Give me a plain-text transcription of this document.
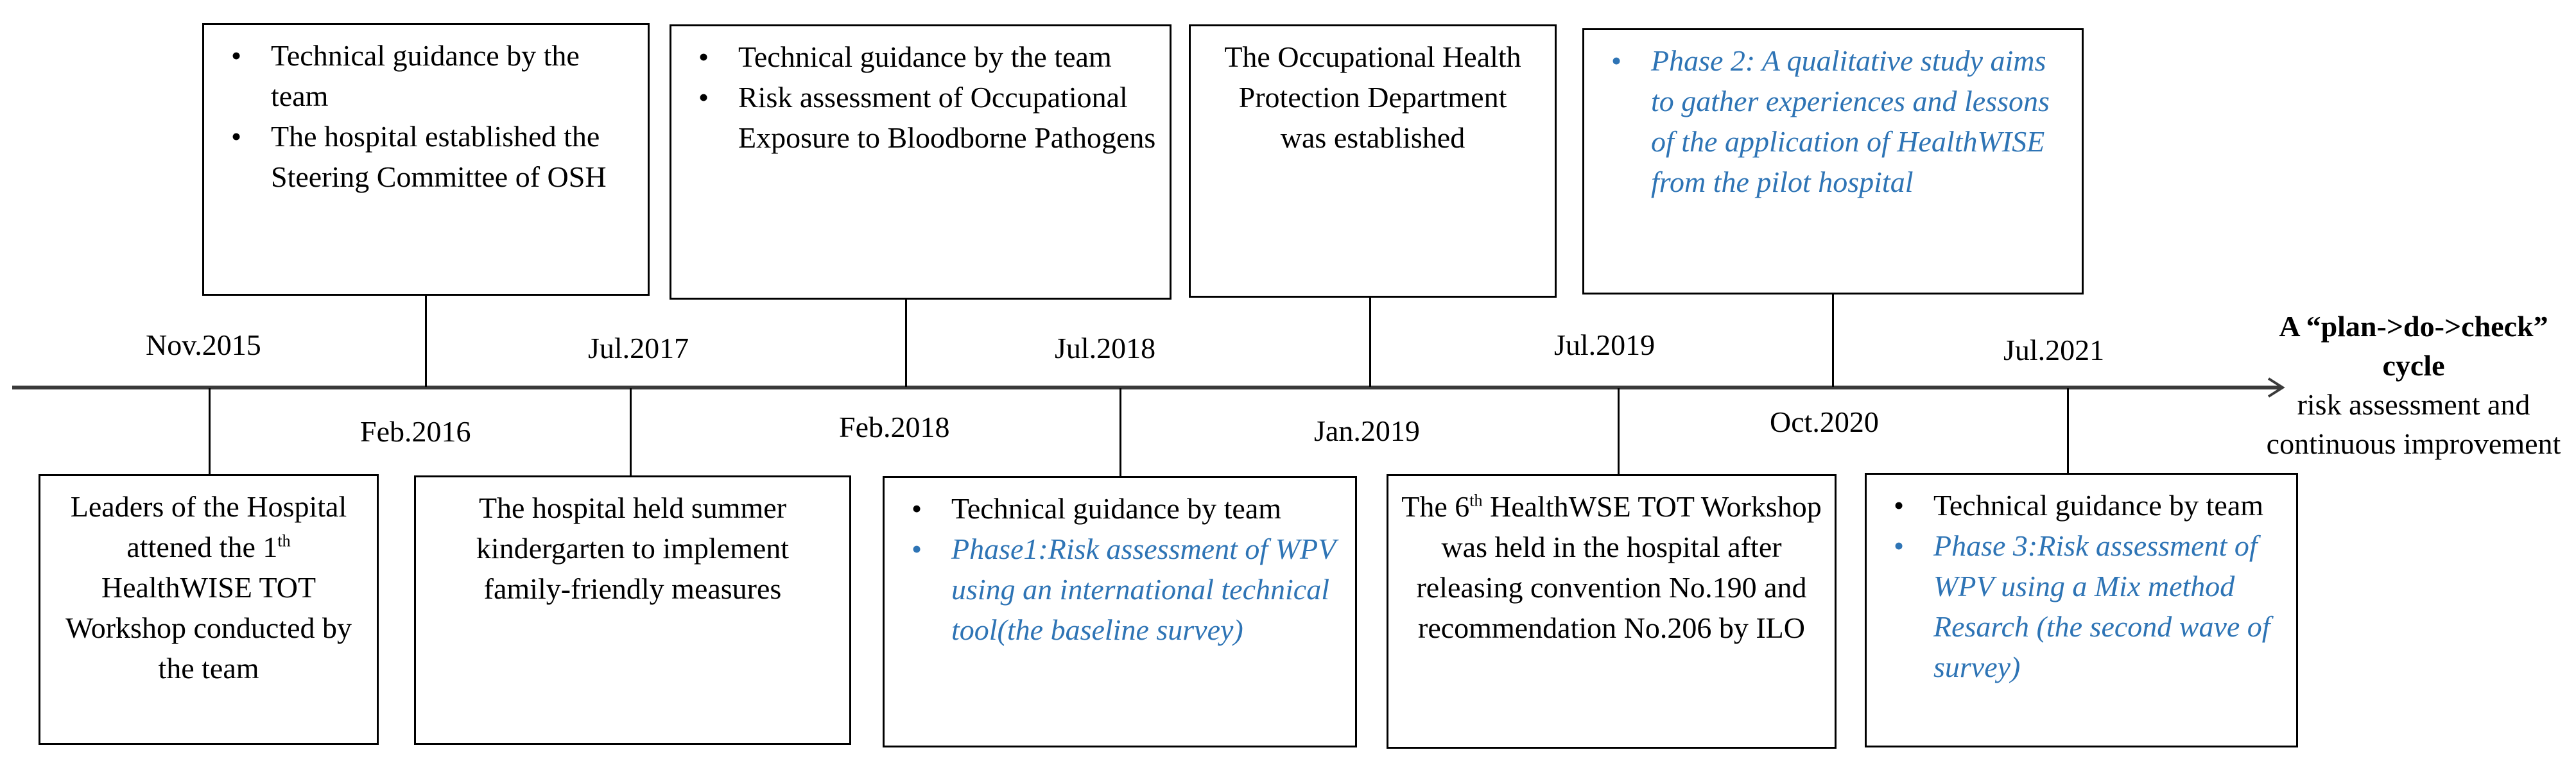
Nov.2015
Feb.2016
Jul.2017
Feb.2018
Jul.2018
Jan.2019
Jul.2019
Oct.2020
Jul.2021
• Technical guidance by the team
• The hospital established the Steering Committee of OSH
• Technical guidance by the team
• Risk assessment of Occupational Exposure to Bloodborne Pathogens
The Occupational Health Protection Department was established
• Phase 2: A qualitative study aims to gather experiences and lessons of the application of HealthWISE from the pilot hospital
Leaders of the Hospital attened the 1th HealthWISE TOT Workshop conducted by the team
The hospital held summer kindergarten to implement family-friendly measures
• Technical guidance by team
• Phase1:Risk assessment of WPV using an international technical tool(the baseline survey)
The 6th HealthWSE TOT Workshop was held in the hospital after releasing convention No.190 and recommendation No.206 by ILO
• Technical guidance by team
• Phase 3:Risk assessment of WPV using a Mix method Resarch (the second wave of survey)
A “plan->do->check” cycle
risk assessment and continuous improvement
